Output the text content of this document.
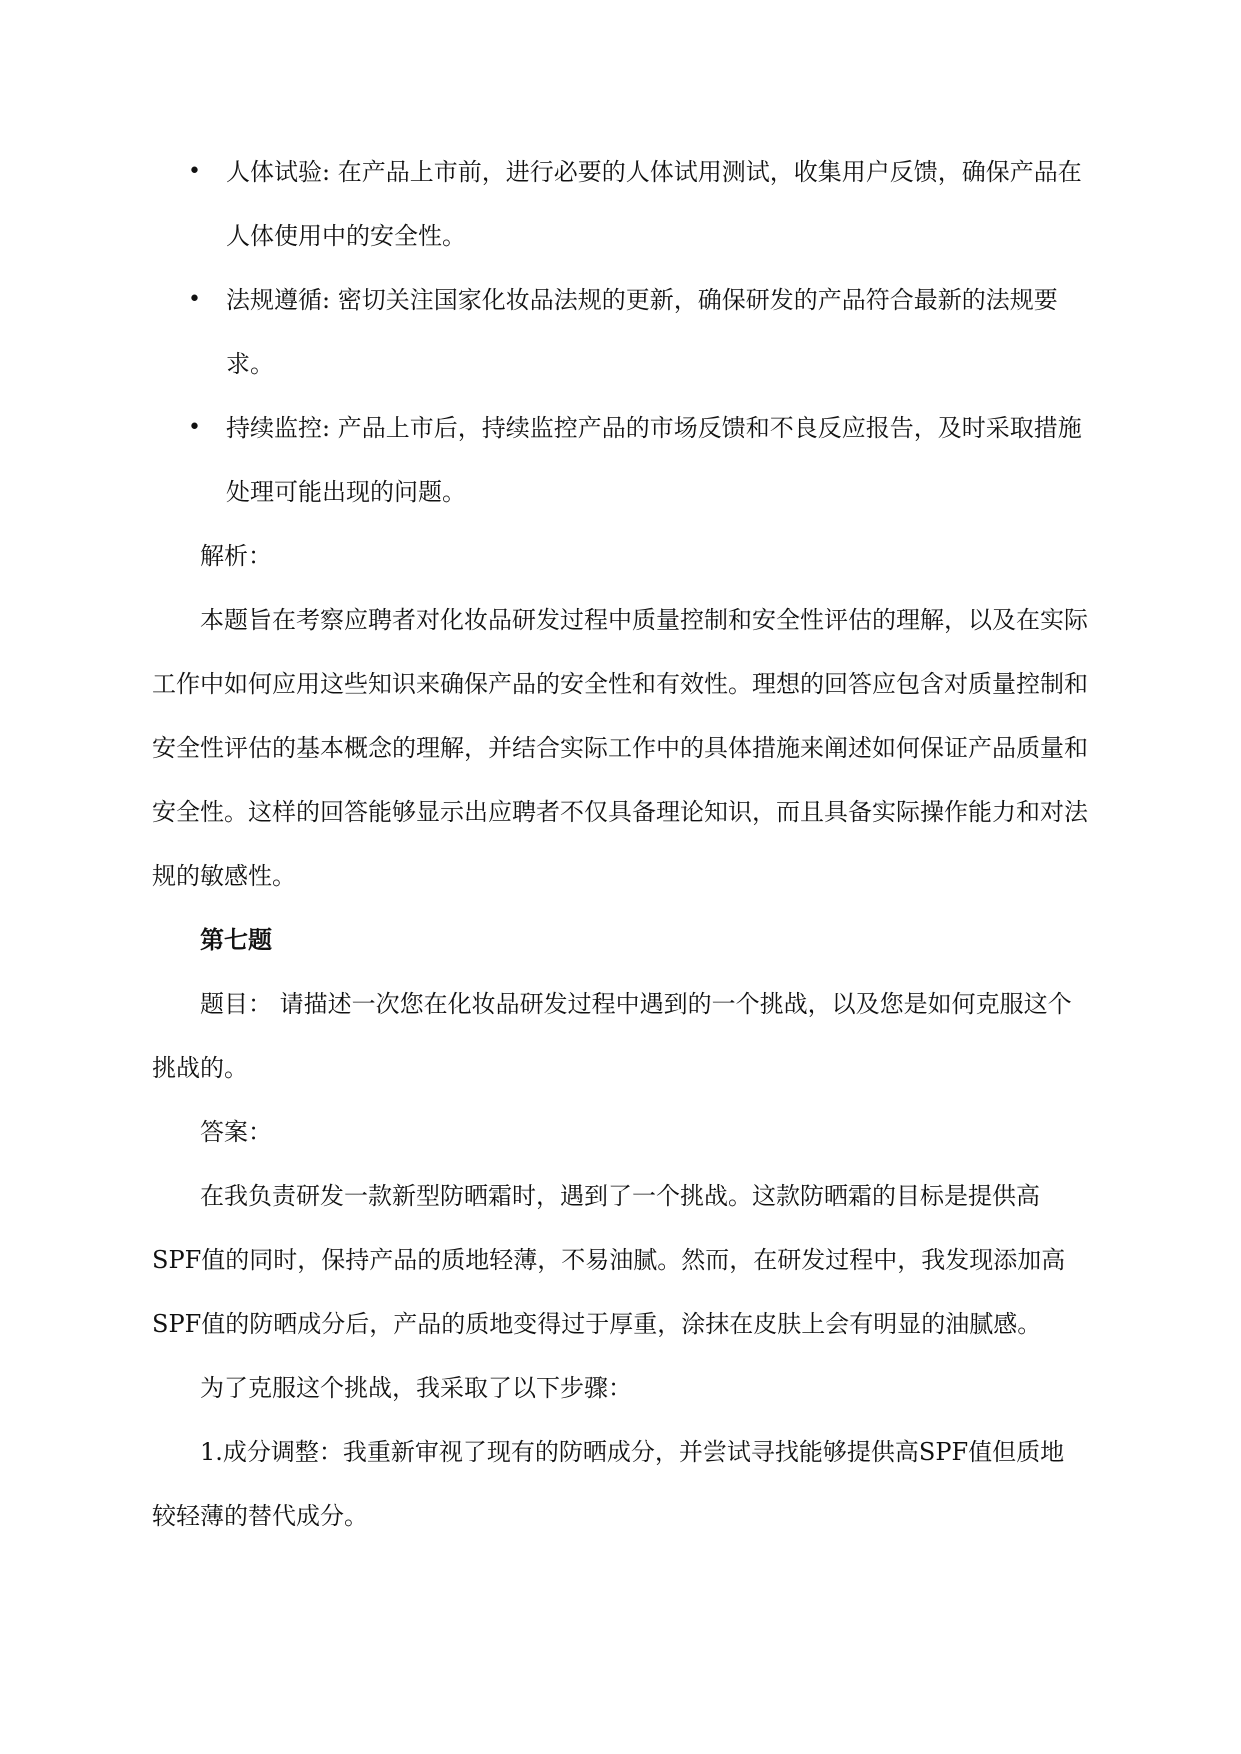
• 人体试验: 在产品上市前，进行必要的人体试用测试，收集用户反馈，确保产品在人体使用中的安全性。
• 法规遵循: 密切关注国家化妆品法规的更新，确保研发的产品符合最新的法规要求。
• 持续监控: 产品上市后，持续监控产品的市场反馈和不良反应报告，及时采取措施处理可能出现的问题。

解析：

本题旨在考察应聘者对化妆品研发过程中质量控制和安全性评估的理解，以及在实际工作中如何应用这些知识来确保产品的安全性和有效性。理想的回答应包含对质量控制和安全性评估的基本概念的理解，并结合实际工作中的具体措施来阐述如何保证产品质量和安全性。这样的回答能够显示出应聘者不仅具备理论知识，而且具备实际操作能力和对法规的敏感性。

第七题

题目： 请描述一次您在化妆品研发过程中遇到的一个挑战，以及您是如何克服这个挑战的。

答案：

在我负责研发一款新型防晒霜时，遇到了一个挑战。这款防晒霜的目标是提供高SPF值的同时，保持产品的质地轻薄，不易油腻。然而，在研发过程中，我发现添加高SPF值的防晒成分后，产品的质地变得过于厚重，涂抹在皮肤上会有明显的油腻感。

为了克服这个挑战，我采取了以下步骤：

1.成分调整：我重新审视了现有的防晒成分，并尝试寻找能够提供高SPF值但质地较轻薄的替代成分。
